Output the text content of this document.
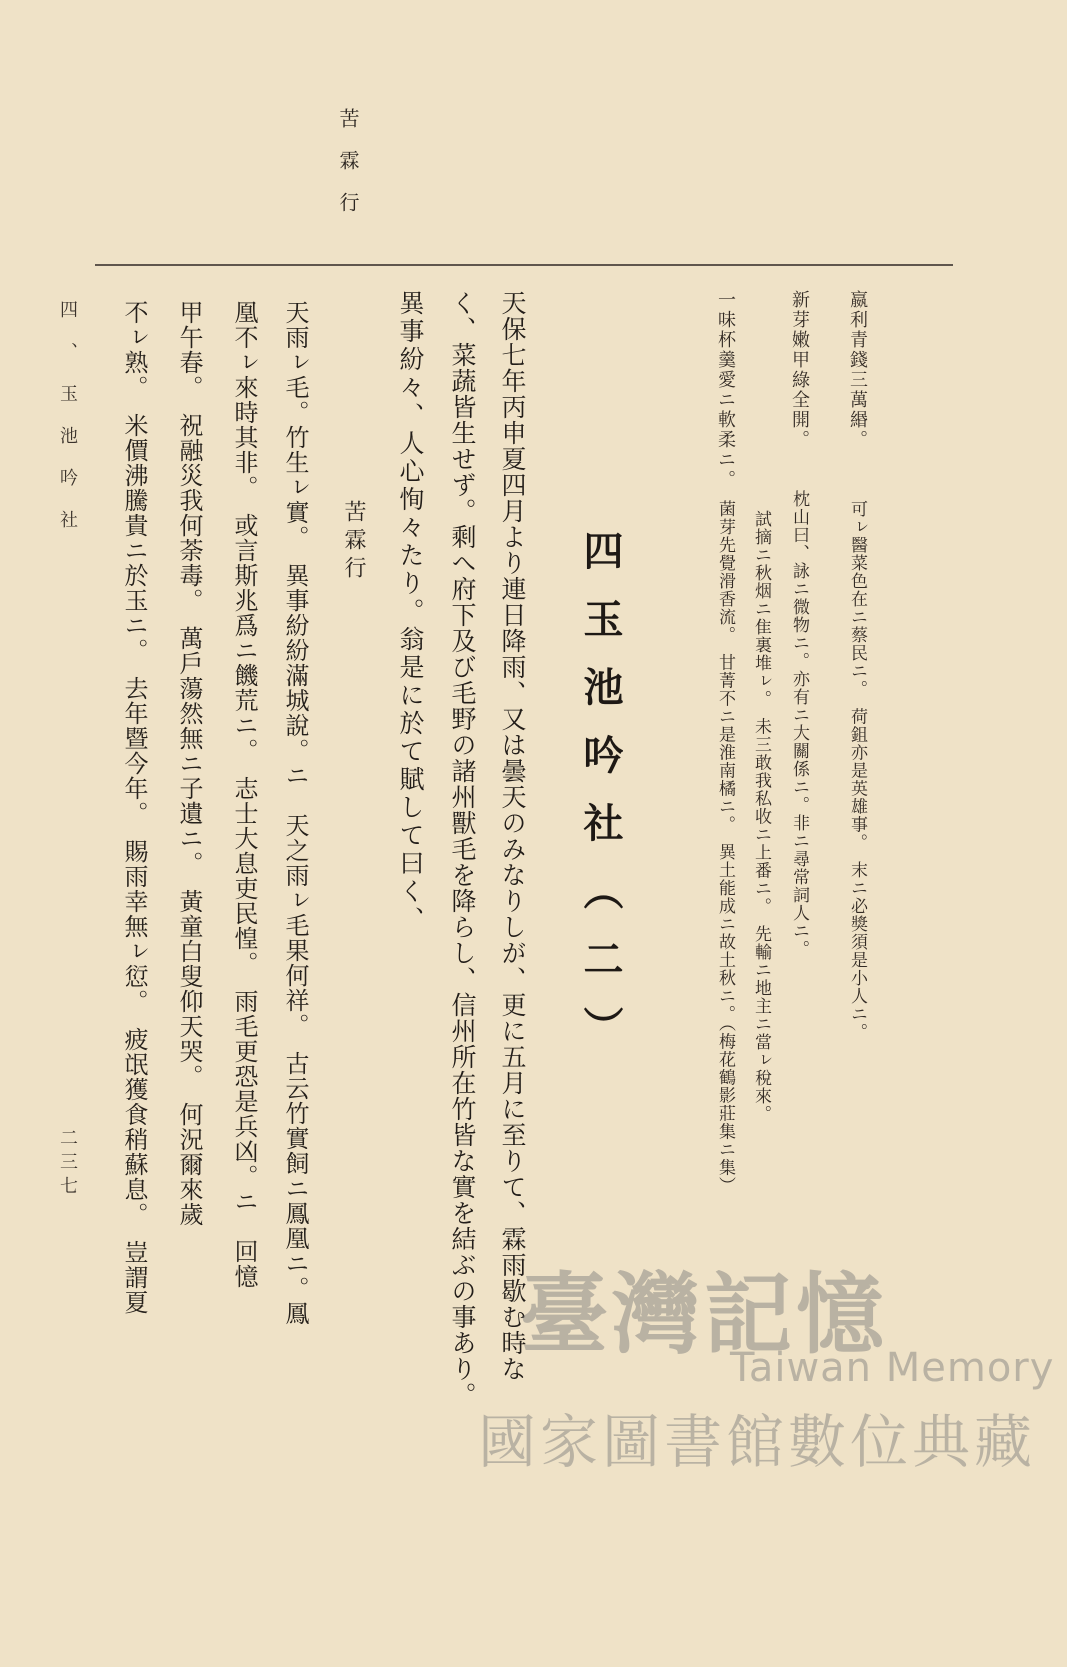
苦霖行
嬴利青錢三萬緡。
可ㇾ醫菜色在ニ蔡民ニ。　荷鉏亦是英雄事。　末ニ必獎須是小人ニ。
新芽嫩甲綠全開。
枕山曰、詠ニ微物ニ。亦有ニ大關係ニ。非ニ尋常詞人ニ。
試摘ニ秋烟ニ隹裏堆ㇾ。　未三敢我私收ニ上番ニ。　先輸ニ地主ニ當ㇾ稅來。
一味杯羹愛ニ軟柔ニ。
菌芽先覺滑香流。　甘菁不ニ是淮南橘ニ。　異土能成ニ故土秋ニ。（梅花鶴影莊集ニ集）
四玉池吟社（二）
天保七年丙申夏四月より連日降雨、又は曇天のみなりしが、更に五月に至りて、霖雨歇む時な
く、菜蔬皆生せず。剩へ府下及び毛野の諸州獸毛を降らし、信州所在竹皆な實を結ぶの事あり。
異事紛々、人心恂々たり。翁是に於て賦して曰く、
苦霖行
天雨ㇾ毛。竹生ㇾ實。　異事紛紛滿城說。ニ　天之雨ㇾ毛果何祥。　古云竹實飼ニ鳳凰ニ。鳳
凰不ㇾ來時其非。　或言斯兆爲ニ饑荒ニ。　志士大息吏民惶。　雨毛更恐是兵凶。ニ　回憶
甲午春。　祝融災我何荼毒。　萬戶蕩然無ニ子遺ニ。　黃童白叟仰天哭。　何況爾來歲
不ㇾ熟。　米價沸騰貴ニ於玉ニ。　去年暨今年。　賜雨幸無ㇾ愆。　疲氓獲食稍蘇息。　豈謂夏
四、玉池吟社
二三七
臺灣記憶
Taiwan Memory
國家圖書館數位典藏
